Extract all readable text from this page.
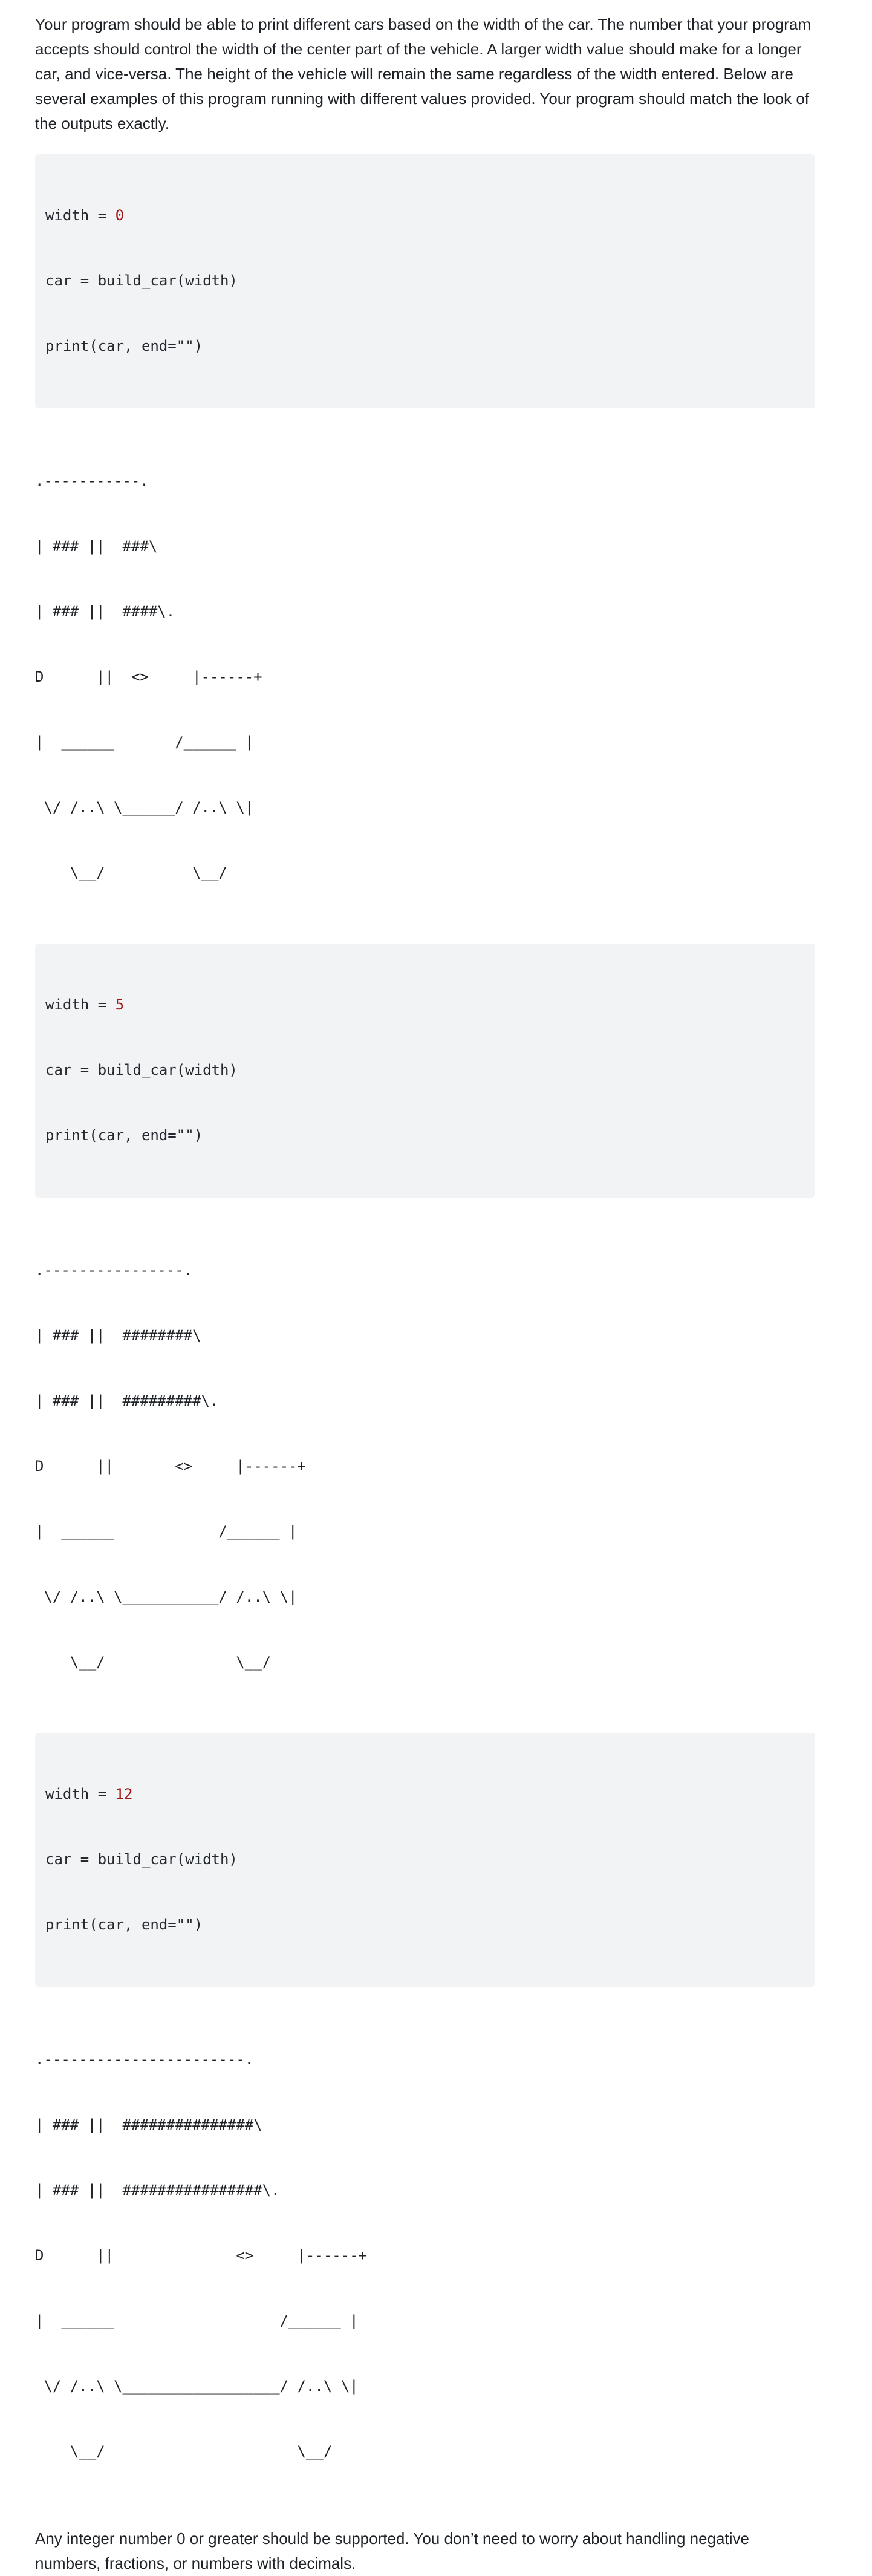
Your program should be able to print different cars based on the width of the car. The number that your program accepts should control the width of the center part of the vehicle. A larger width value should make for a longer car, and vice-versa. The height of the vehicle will remain the same regardless of the width entered. Below are several examples of this program running with different values provided. Your program should match the look of the outputs exactly.

width = 0

car = build_car(width)

print(car, end="")

.-----------.

| ### ||  ###\

| ### ||  ####\.

D      ||  <>     |------+

|  ______       /______ |

\/ /..\ \______/ /..\ \|

\__/          \__/

width = 5

car = build_car(width)

print(car, end="")

.----------------.

| ### ||  ########\

| ### ||  #########\.

D      ||       <>     |------+

|  ______            /______ |

\/ /..\ \___________/ /..\ \|

\__/               \__/

width = 12

car = build_car(width)

print(car, end="")

.-----------------------.

| ### ||  ###############\

| ### ||  ################\.

D      ||              <>     |------+

|  ______                   /______ |

\/ /..\ \__________________/ /..\ \|

\__/                      \__/

Any integer number 0 or greater should be supported. You don’t need to worry about handling negative numbers, fractions, or numbers with decimals.
